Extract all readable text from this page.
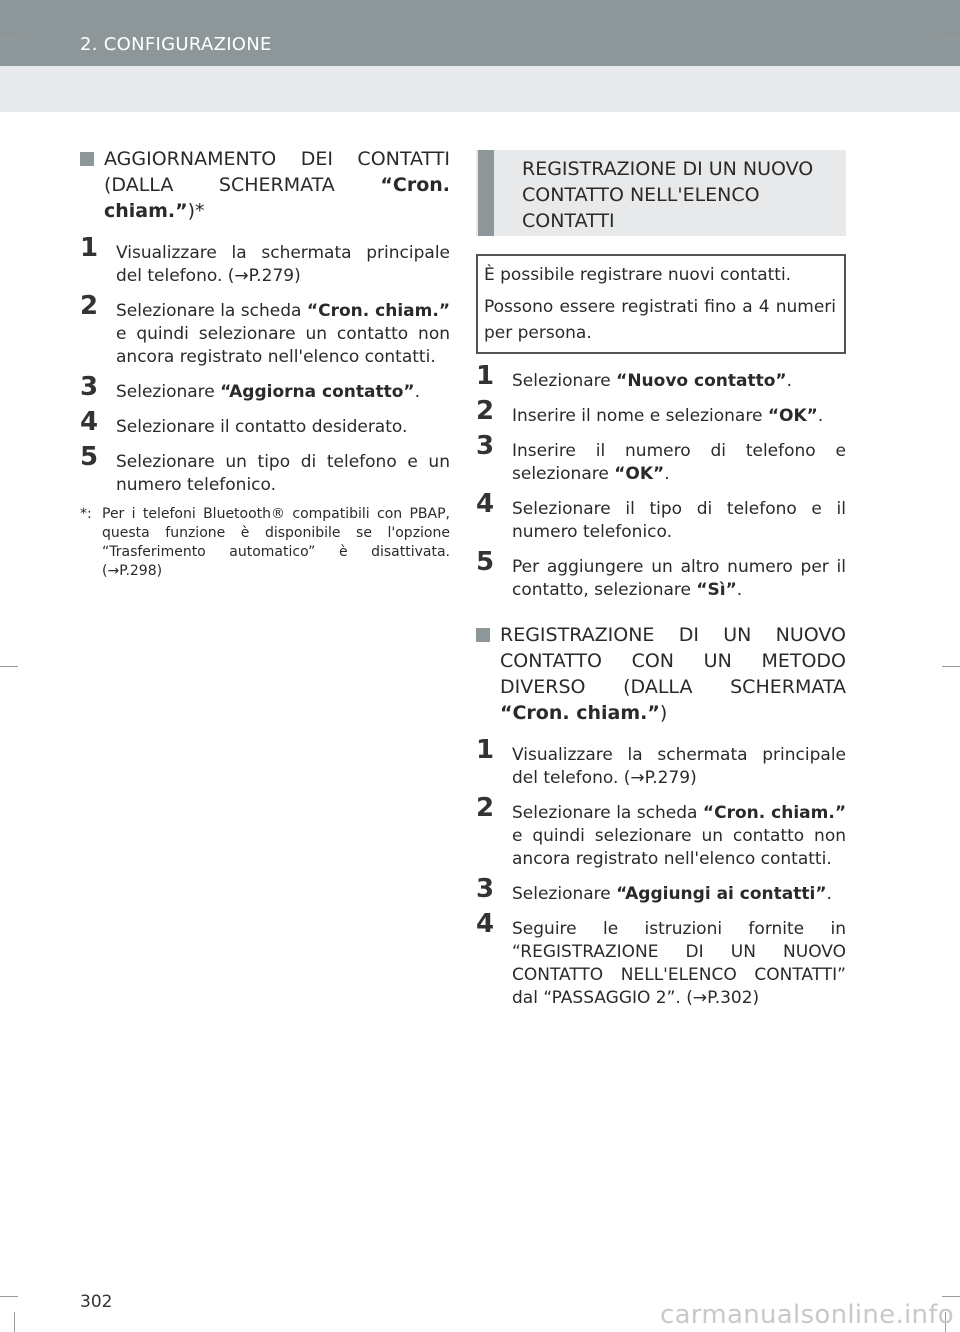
2. CONFIGURAZIONE
AGGIORNAMENTO DEI CONTATTI (DALLA SCHERMATA “Cron. chiam.”)*
1 Visualizzare la schermata principale del telefono. (→P.279)
2 Selezionare la scheda “Cron. chiam.” e quindi selezionare un contatto non ancora registrato nell'elenco contatti.
3 Selezionare “Aggiorna contatto”.
4 Selezionare il contatto desiderato.
5 Selezionare un tipo di telefono e un numero telefonico.
*: Per i telefoni Bluetooth® compatibili con PBAP, questa funzione è disponibile se l'opzione “Trasferimento automatico” è disattivata. (→P.298)
REGISTRAZIONE DI UN NUOVO CONTATTO NELL'ELENCO CONTATTI
È possibile registrare nuovi contatti.
Possono essere registrati fino a 4 numeri per persona.
1 Selezionare “Nuovo contatto”.
2 Inserire il nome e selezionare “OK”.
3 Inserire il numero di telefono e selezionare “OK”.
4 Selezionare il tipo di telefono e il numero telefonico.
5 Per aggiungere un altro numero per il contatto, selezionare “Sì”.
REGISTRAZIONE DI UN NUOVO CONTATTO CON UN METODO DIVERSO (DALLA SCHERMATA “Cron. chiam.”)
1 Visualizzare la schermata principale del telefono. (→P.279)
2 Selezionare la scheda “Cron. chiam.” e quindi selezionare un contatto non ancora registrato nell'elenco contatti.
3 Selezionare “Aggiungi ai contatti”.
4 Seguire le istruzioni fornite in “REGISTRAZIONE DI UN NUOVO CONTATTO NELL'ELENCO CONTATTI” dal “PASSAGGIO 2”. (→P.302)
302	carmanualsonline.info
